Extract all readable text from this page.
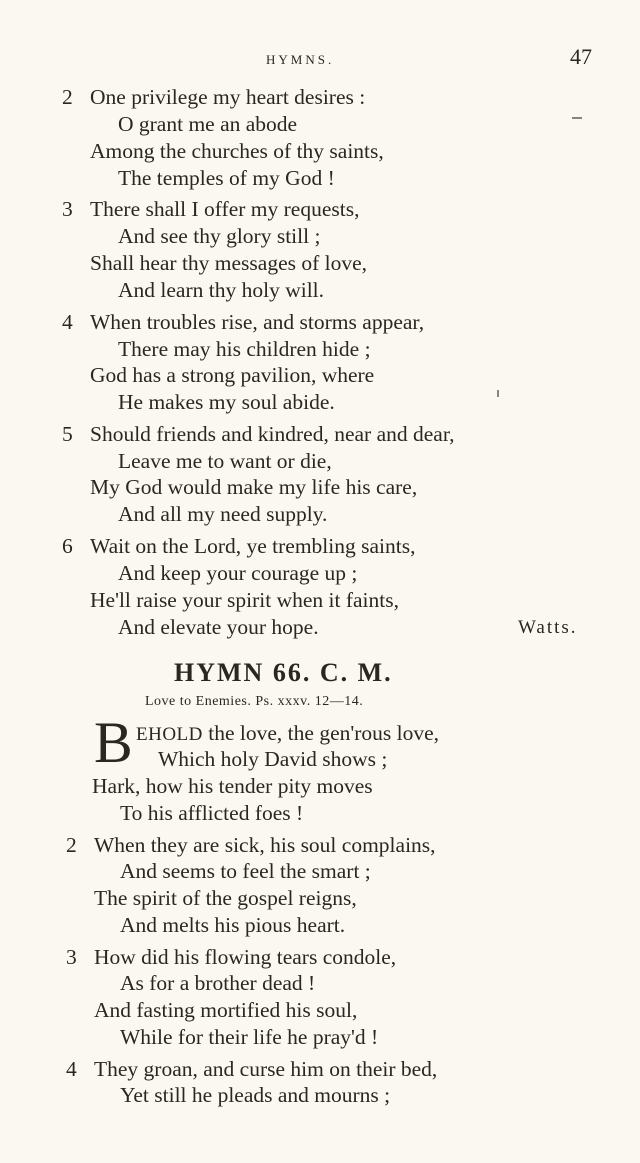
HYMNS.	47
2 One privilege my heart desires :
O grant me an abode
Among the churches of thy saints,
The temples of my God !
3 There shall I offer my requests,
And see thy glory still ;
Shall hear thy messages of love,
And learn thy holy will.
4 When troubles rise, and storms appear,
There may his children hide ;
God has a strong pavilion, where
He makes my soul abide.
5 Should friends and kindred, near and dear,
Leave me to want or die,
My God would make my life his care,
And all my need supply.
6 Wait on the Lord, ye trembling saints,
And keep your courage up ;
He'll raise your spirit when it faints,
And elevate your hope.	Watts.
HYMN 66. C. M.
Love to Enemies. Ps. xxxv. 12—14.
B EHOLD the love, the gen'rous love,
Which holy David shows ;
Hark, how his tender pity moves
To his afflicted foes !
2 When they are sick, his soul complains,
And seems to feel the smart ;
The spirit of the gospel reigns,
And melts his pious heart.
3 How did his flowing tears condole,
As for a brother dead !
And fasting mortified his soul,
While for their life he pray'd !
4 They groan, and curse him on their bed,
Yet still he pleads and mourns ;
